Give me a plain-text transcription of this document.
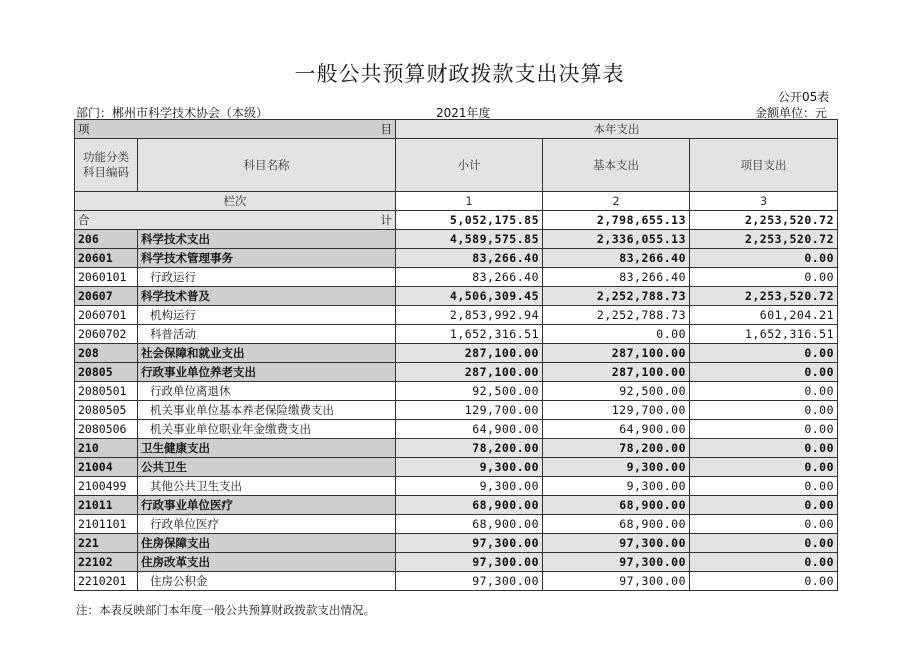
一般公共预算财政拨款支出决算表
公开05表
部门：郴州市科学技术协会（本级）	2021年度	金额单位：元
项 目		本年支出		
功能分类
科目编码	科目名称	小计	基本支出	项目支出
栏次		1	2	3

合 计		5,052,175.85	2,798,655.13	2,253,520.72
206	科学技术支出	4,589,575.85	2,336,055.13	2,253,520.72
20601	科学技术管理事务	83,266.40	83,266.40	0.00
2060101	行政运行	83,266.40	83,266.40	0.00
20607	科学技术普及	4,506,309.45	2,252,788.73	2,253,520.72
2060701	机构运行	2,853,992.94	2,252,788.73	601,204.21
2060702	科普活动	1,652,316.51	0.00	1,652,316.51
208	社会保障和就业支出	287,100.00	287,100.00	0.00
20805	行政事业单位养老支出	287,100.00	287,100.00	0.00
2080501	行政单位离退休	92,500.00	92,500.00	0.00
2080505	机关事业单位基本养老保险缴费支出	129,700.00	129,700.00	0.00
2080506	机关事业单位职业年金缴费支出	64,900.00	64,900.00	0.00
210	卫生健康支出	78,200.00	78,200.00	0.00
21004	公共卫生	9,300.00	9,300.00	0.00
2100499	其他公共卫生支出	9,300.00	9,300.00	0.00
21011	行政事业单位医疗	68,900.00	68,900.00	0.00
2101101	行政单位医疗	68,900.00	68,900.00	0.00
221	住房保障支出	97,300.00	97,300.00	0.00
22102	住房改革支出	97,300.00	97,300.00	0.00
2210201	住房公积金	97,300.00	97,300.00	0.00
注：本表反映部门本年度一般公共预算财政拨款支出情况。
